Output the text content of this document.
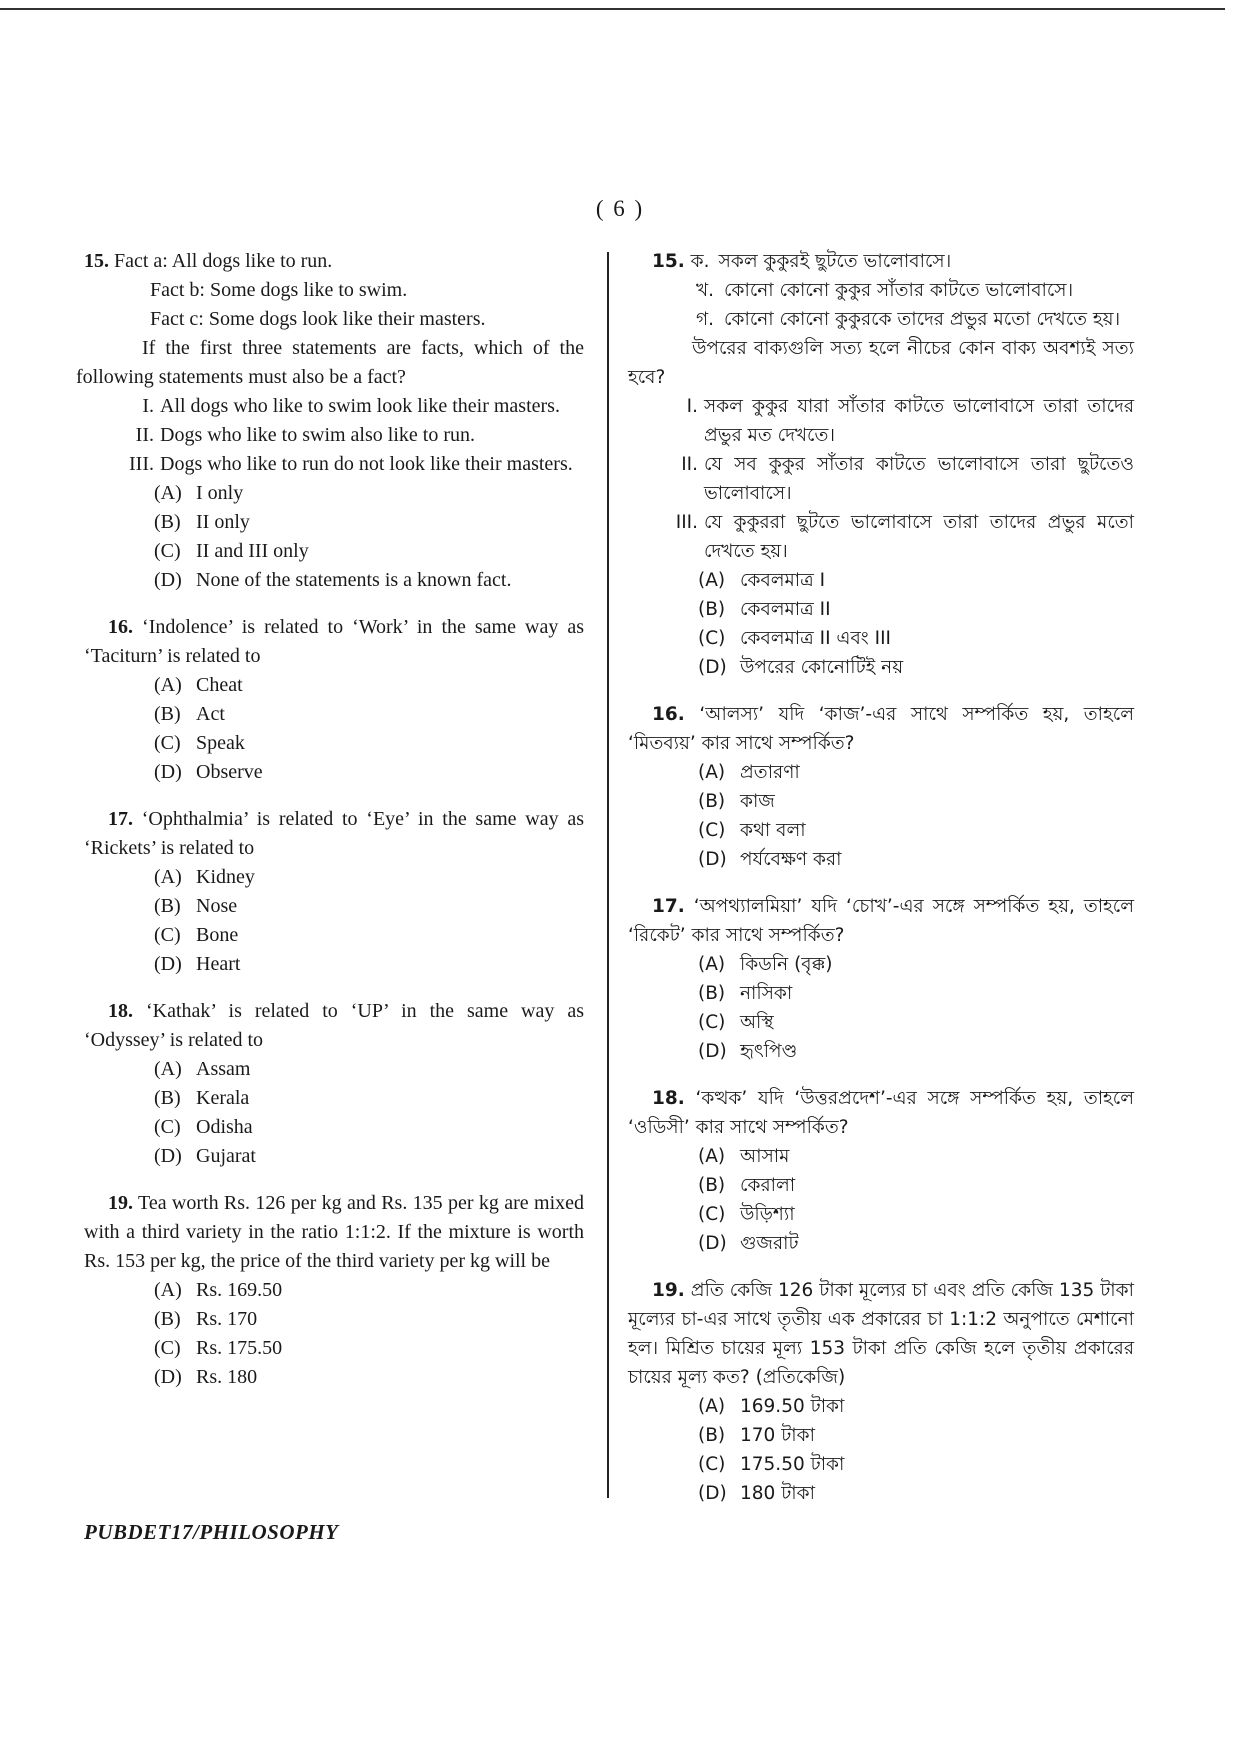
( 6 )
15. Fact a: All dogs like to run.
Fact b: Some dogs like to swim.
Fact c: Some dogs look like their masters.
If the first three statements are facts, which of the following statements must also be a fact?
I. All dogs who like to swim look like their masters.
II. Dogs who like to swim also like to run.
III. Dogs who like to run do not look like their masters.
(A) I only
(B) II only
(C) II and III only
(D) None of the statements is a known fact.
16. ‘Indolence’ is related to ‘Work’ in the same way as ‘Taciturn’ is related to
(A) Cheat
(B) Act
(C) Speak
(D) Observe
17. ‘Ophthalmia’ is related to ‘Eye’ in the same way as ‘Rickets’ is related to
(A) Kidney
(B) Nose
(C) Bone
(D) Heart
18. ‘Kathak’ is related to ‘UP’ in the same way as ‘Odyssey’ is related to
(A) Assam
(B) Kerala
(C) Odisha
(D) Gujarat
19. Tea worth Rs. 126 per kg and Rs. 135 per kg are mixed with a third variety in the ratio 1:1:2. If the mixture is worth Rs. 153 per kg, the price of the third variety per kg will be
(A) Rs. 169.50
(B) Rs. 170
(C) Rs. 175.50
(D) Rs. 180
15. ক. সকল কুকুরই ছুটতে ভালোবাসে।
খ. কোনো কোনো কুকুর সাঁতার কাটতে ভালোবাসে।
গ. কোনো কোনো কুকুরকে তাদের প্রভুর মতো দেখতে হয়।
উপরের বাক্যগুলি সত্য হলে নীচের কোন বাক্য অবশ্যই সত্য হবে?
I. সকল কুকুর যারা সাঁতার কাটতে ভালোবাসে তারা তাদের প্রভুর মত দেখতে।
II. যে সব কুকুর সাঁতার কাটতে ভালোবাসে তারা ছুটতেও ভালোবাসে।
III. যে কুকুররা ছুটতে ভালোবাসে তারা তাদের প্রভুর মতো দেখতে হয়।
(A) কেবলমাত্র I
(B) কেবলমাত্র II
(C) কেবলমাত্র II এবং III
(D) উপরের কোনোটিই নয়
16. ‘আলস্য’ যদি ‘কাজ’-এর সাথে সম্পর্কিত হয়, তাহলে ‘মিতব্যয়’ কার সাথে সম্পর্কিত?
(A) প্রতারণা
(B) কাজ
(C) কথা বলা
(D) পর্যবেক্ষণ করা
17. ‘অপথ্যালমিয়া’ যদি ‘চোখ’-এর সঙ্গে সম্পর্কিত হয়, তাহলে ‘রিকেট’ কার সাথে সম্পর্কিত?
(A) কিডনি (বৃক্ক)
(B) নাসিকা
(C) অস্থি
(D) হৃৎপিণ্ড
18. ‘কত্থক’ যদি ‘উত্তরপ্রদেশ’-এর সঙ্গে সম্পর্কিত হয়, তাহলে ‘ওডিসী’ কার সাথে সম্পর্কিত?
(A) আসাম
(B) কেরালা
(C) উড়িশ্যা
(D) গুজরাট
19. প্রতি কেজি 126 টাকা মূল্যের চা এবং প্রতি কেজি 135 টাকা মূল্যের চা-এর সাথে তৃতীয় এক প্রকারের চা 1:1:2 অনুপাতে মেশানো হল। মিশ্রিত চায়ের মূল্য 153 টাকা প্রতি কেজি হলে তৃতীয় প্রকারের চায়ের মূল্য কত? (প্রতিকেজি)
(A) 169.50 টাকা
(B) 170 টাকা
(C) 175.50 টাকা
(D) 180 টাকা
PUBDET17/PHILOSOPHY
